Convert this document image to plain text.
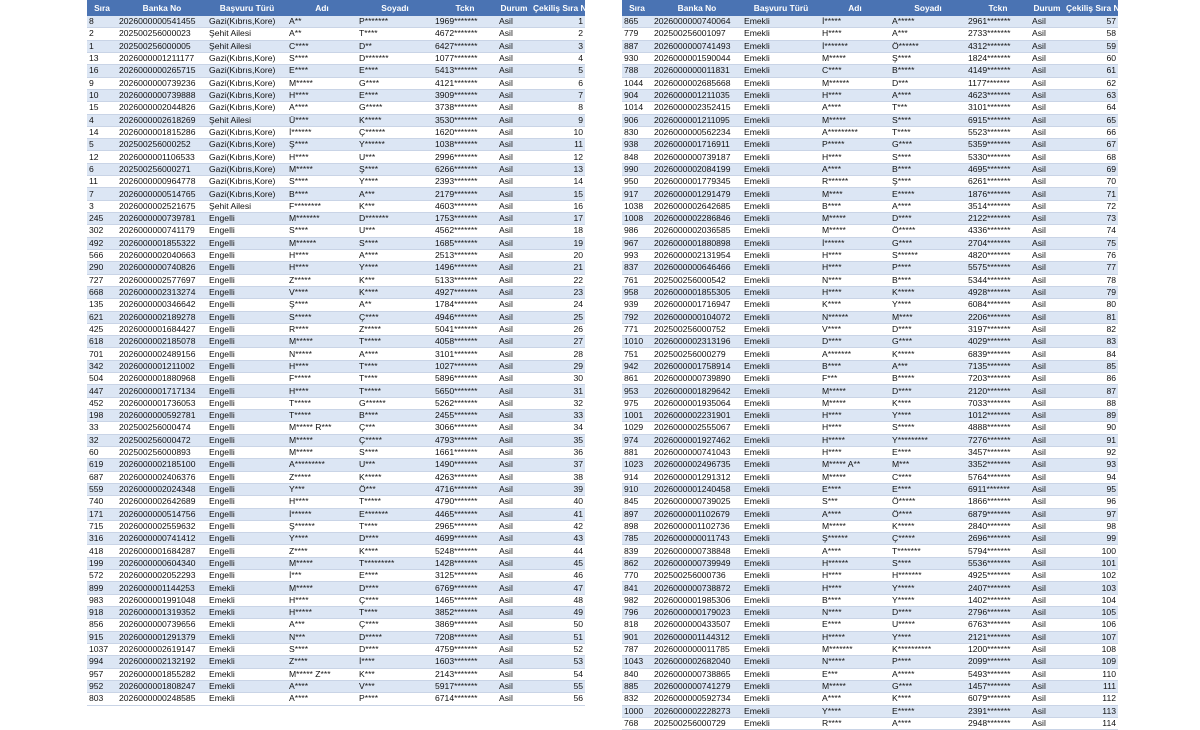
Sıra	Banka No	Başvuru Türü	Adı	Soyadı	Tckn	Durum	Çekiliş Sıra No
8	2026000000541455	Gazi(Kıbrıs,Kore)	A**	P*******	1969*******	Asil	1
2	202500256000023	Şehit Ailesi	A**	T****	4672*******	Asil	2
1	202500256000005	Şehit Ailesi	C****	D**	6427*******	Asil	3
13	2026000001211177	Gazi(Kıbrıs,Kore)	S****	D*******	1077*******	Asil	4
16	2026000000265715	Gazi(Kıbrıs,Kore)	E****	E****	5413*******	Asil	5
9	2026000000739236	Gazi(Kıbrıs,Kore)	M*****	G****	4121*******	Asil	6
10	2026000000739888	Gazi(Kıbrıs,Kore)	H****	E****	3909*******	Asil	7
15	2026000002044826	Gazi(Kıbrıs,Kore)	A****	G*****	3738*******	Asil	8
4	2026000002618269	Şehit Ailesi	Ü****	K*****	3530*******	Asil	9
14	2026000001815286	Gazi(Kıbrıs,Kore)	İ******	Ç******	1620*******	Asil	10
5	202500256000252	Gazi(Kıbrıs,Kore)	Ş****	Y******	1038*******	Asil	11
12	2026000001106533	Gazi(Kıbrıs,Kore)	H****	U***	2996*******	Asil	12
6	202500256000271	Gazi(Kıbrıs,Kore)	M*****	Ş****	6266*******	Asil	13
11	2026000000964778	Gazi(Kıbrıs,Kore)	S****	Y****	2393*******	Asil	14
7	2026000000514765	Gazi(Kıbrıs,Kore)	B****	A***	2179*******	Asil	15
3	2026000002521675	Şehit Ailesi	F********	K***	4603*******	Asil	16
245	2026000000739781	Engelli	M*******	D*******	1753*******	Asil	17
302	2026000000741179	Engelli	S****	U***	4562*******	Asil	18
492	2026000001855322	Engelli	M******	S****	1685*******	Asil	19
566	2026000002040663	Engelli	H****	A****	2513*******	Asil	20
290	2026000000740826	Engelli	H****	Y****	1496*******	Asil	21
727	2026000002577697	Engelli	Z*****	K***	5133*******	Asil	22
668	2026000002313274	Engelli	V****	K****	4927*******	Asil	23
135	2026000000346642	Engelli	Ş****	A**	1784*******	Asil	24
621	2026000002189278	Engelli	S*****	Ç****	4946*******	Asil	25
425	2026000001684427	Engelli	R****	Z*****	5041*******	Asil	26
618	2026000002185078	Engelli	M*****	T*****	4058*******	Asil	27
701	2026000002489156	Engelli	N*****	A****	3101*******	Asil	28
342	2026000001211002	Engelli	H****	T****	1027*******	Asil	29
504	2026000001880968	Engelli	F*****	T****	5896*******	Asil	30
447	2026000001717134	Engelli	H****	T*****	5650*******	Asil	31
452	2026000001736053	Engelli	T*****	G******	5262*******	Asil	32
198	2026000000592781	Engelli	T*****	B****	2455*******	Asil	33
33	202500256000474	Engelli	M***** R***	Ç***	3066*******	Asil	34
32	202500256000472	Engelli	M*****	Ç*****	4793*******	Asil	35
60	202500256000893	Engelli	M*****	S****	1661*******	Asil	36
619	2026000002185100	Engelli	A*********	U***	1490*******	Asil	37
687	2026000002406376	Engelli	Z*****	K*****	4263*******	Asil	38
559	2026000002024348	Engelli	Y***	Ö***	4716*******	Asil	39
740	2026000002642689	Engelli	H****	T*****	4790*******	Asil	40
171	2026000000514756	Engelli	İ******	E*******	4465*******	Asil	41
715	2026000002559632	Engelli	Ş******	T****	2965*******	Asil	42
316	2026000000741412	Engelli	Y****	D****	4699*******	Asil	43
418	2026000001684287	Engelli	Z****	K****	5248*******	Asil	44
199	2026000000604340	Engelli	M*****	T*********	1428*******	Asil	45
572	2026000002052293	Engelli	İ***	E****	3125*******	Asil	46
899	2026000001144253	Emekli	M*****	D****	6769*******	Asil	47
983	2026000001991048	Emekli	H****	Ç****	1465*******	Asil	48
918	2026000001319352	Emekli	H*****	T****	3852*******	Asil	49
856	2026000000739656	Emekli	A***	Ç****	3869*******	Asil	50
915	2026000001291379	Emekli	N***	D*****	7208*******	Asil	51
1037	2026000002619147	Emekli	S****	D****	4759*******	Asil	52
994	2026000002132192	Emekli	Z****	İ****	1603*******	Asil	53
957	2026000001855282	Emekli	M***** Z***	K***	2143*******	Asil	54
952	2026000001808247	Emekli	A****	V***	5917*******	Asil	55
803	2026000000248585	Emekli	A****	P****	6714*******	Asil	56
Sıra	Banka No	Başvuru Türü	Adı	Soyadı	Tckn	Durum	Çekiliş Sıra No
865	2026000000740064	Emekli	İ*****	A*****	2961*******	Asil	57
779	202500256001097	Emekli	H****	A***	2733*******	Asil	58
887	2026000000741493	Emekli	İ*******	Ö******	4312*******	Asil	59
930	2026000001590044	Emekli	M*****	Ş****	1824*******	Asil	60
788	2026000000011831	Emekli	C****	B*****	4149*******	Asil	61
1044	2026000002685668	Emekli	M******	D***	1177*******	Asil	62
904	2026000001211035	Emekli	H****	A****	4623*******	Asil	63
1014	2026000002352415	Emekli	A****	T***	3101*******	Asil	64
906	2026000001211095	Emekli	M*****	S****	6915*******	Asil	65
830	2026000000562234	Emekli	A*********	T****	5523*******	Asil	66
938	2026000001716911	Emekli	P*****	G****	5359*******	Asil	67
848	2026000000739187	Emekli	H****	S****	5330*******	Asil	68
990	2026000002084199	Emekli	A****	B****	4695*******	Asil	69
950	2026000001779345	Emekli	R******	Ş****	6261*******	Asil	70
917	2026000001291479	Emekli	M****	E*****	1876*******	Asil	71
1038	2026000002642685	Emekli	B****	A****	3514*******	Asil	72
1008	2026000002286846	Emekli	M*****	D****	2122*******	Asil	73
986	2026000002036585	Emekli	M*****	Ö*****	4336*******	Asil	74
967	2026000001880898	Emekli	İ******	G****	2704*******	Asil	75
993	2026000002131954	Emekli	H****	S******	4820*******	Asil	76
837	2026000000646466	Emekli	H****	P****	5575*******	Asil	77
761	202500256000542	Emekli	N****	B****	5344*******	Asil	78
958	2026000001855305	Emekli	H****	K*****	4928*******	Asil	79
939	2026000001716947	Emekli	K****	Y****	6084*******	Asil	80
792	2026000000104072	Emekli	N******	M****	2206*******	Asil	81
771	202500256000752	Emekli	V****	D****	3197*******	Asil	82
1010	2026000002313196	Emekli	D****	G****	4029*******	Asil	83
751	202500256000279	Emekli	A*******	K*****	6839*******	Asil	84
942	2026000001758914	Emekli	B****	A***	7135*******	Asil	85
861	2026000000739890	Emekli	F***	B*****	7203*******	Asil	86
953	2026000001829642	Emekli	M*****	D****	2120*******	Asil	87
975	2026000001935064	Emekli	M*****	K****	7033*******	Asil	88
1001	2026000002231901	Emekli	H****	Y****	1012*******	Asil	89
1029	2026000002555067	Emekli	H****	S*****	4888*******	Asil	90
974	2026000001927462	Emekli	H*****	Y*********	7276*******	Asil	91
881	2026000000741043	Emekli	H****	E****	3457*******	Asil	92
1023	2026000002496735	Emekli	M***** A**	M***	3352*******	Asil	93
914	2026000001291312	Emekli	M*****	C****	5764*******	Asil	94
910	2026000001240458	Emekli	E****	E****	6911*******	Asil	95
845	2026000000739025	Emekli	S***	Ö*****	1866*******	Asil	96
897	2026000001102679	Emekli	A****	Ö****	6879*******	Asil	97
898	2026000001102736	Emekli	M*****	K*****	2840*******	Asil	98
785	2026000000011743	Emekli	Ş******	Ç*****	2696*******	Asil	99
839	2026000000738848	Emekli	A****	T*******	5794*******	Asil	100
862	2026000000739949	Emekli	H******	S****	5536*******	Asil	101
770	202500256000736	Emekli	H****	H*******	4925*******	Asil	102
841	2026000000738872	Emekli	H****	Y*****	2407*******	Asil	103
982	2026000001985306	Emekli	B****	Y*****	1402*******	Asil	104
796	2026000000179023	Emekli	N****	D****	2796*******	Asil	105
818	2026000000433507	Emekli	E****	U*****	6763*******	Asil	106
901	2026000001144312	Emekli	H*****	Y****	2121*******	Asil	107
787	2026000000011785	Emekli	M*******	K**********	1200*******	Asil	108
1043	2026000002682040	Emekli	N*****	P****	2099*******	Asil	109
840	2026000000738865	Emekli	E***	A*****	5493*******	Asil	110
885	2026000000741279	Emekli	M*****	G****	1457*******	Asil	111
832	2026000000592734	Emekli	A****	K****	6079*******	Asil	112
1000	2026000002228273	Emekli	Y****	E*****	2391*******	Asil	113
768	202500256000729	Emekli	R****	A****	2948*******	Asil	114
